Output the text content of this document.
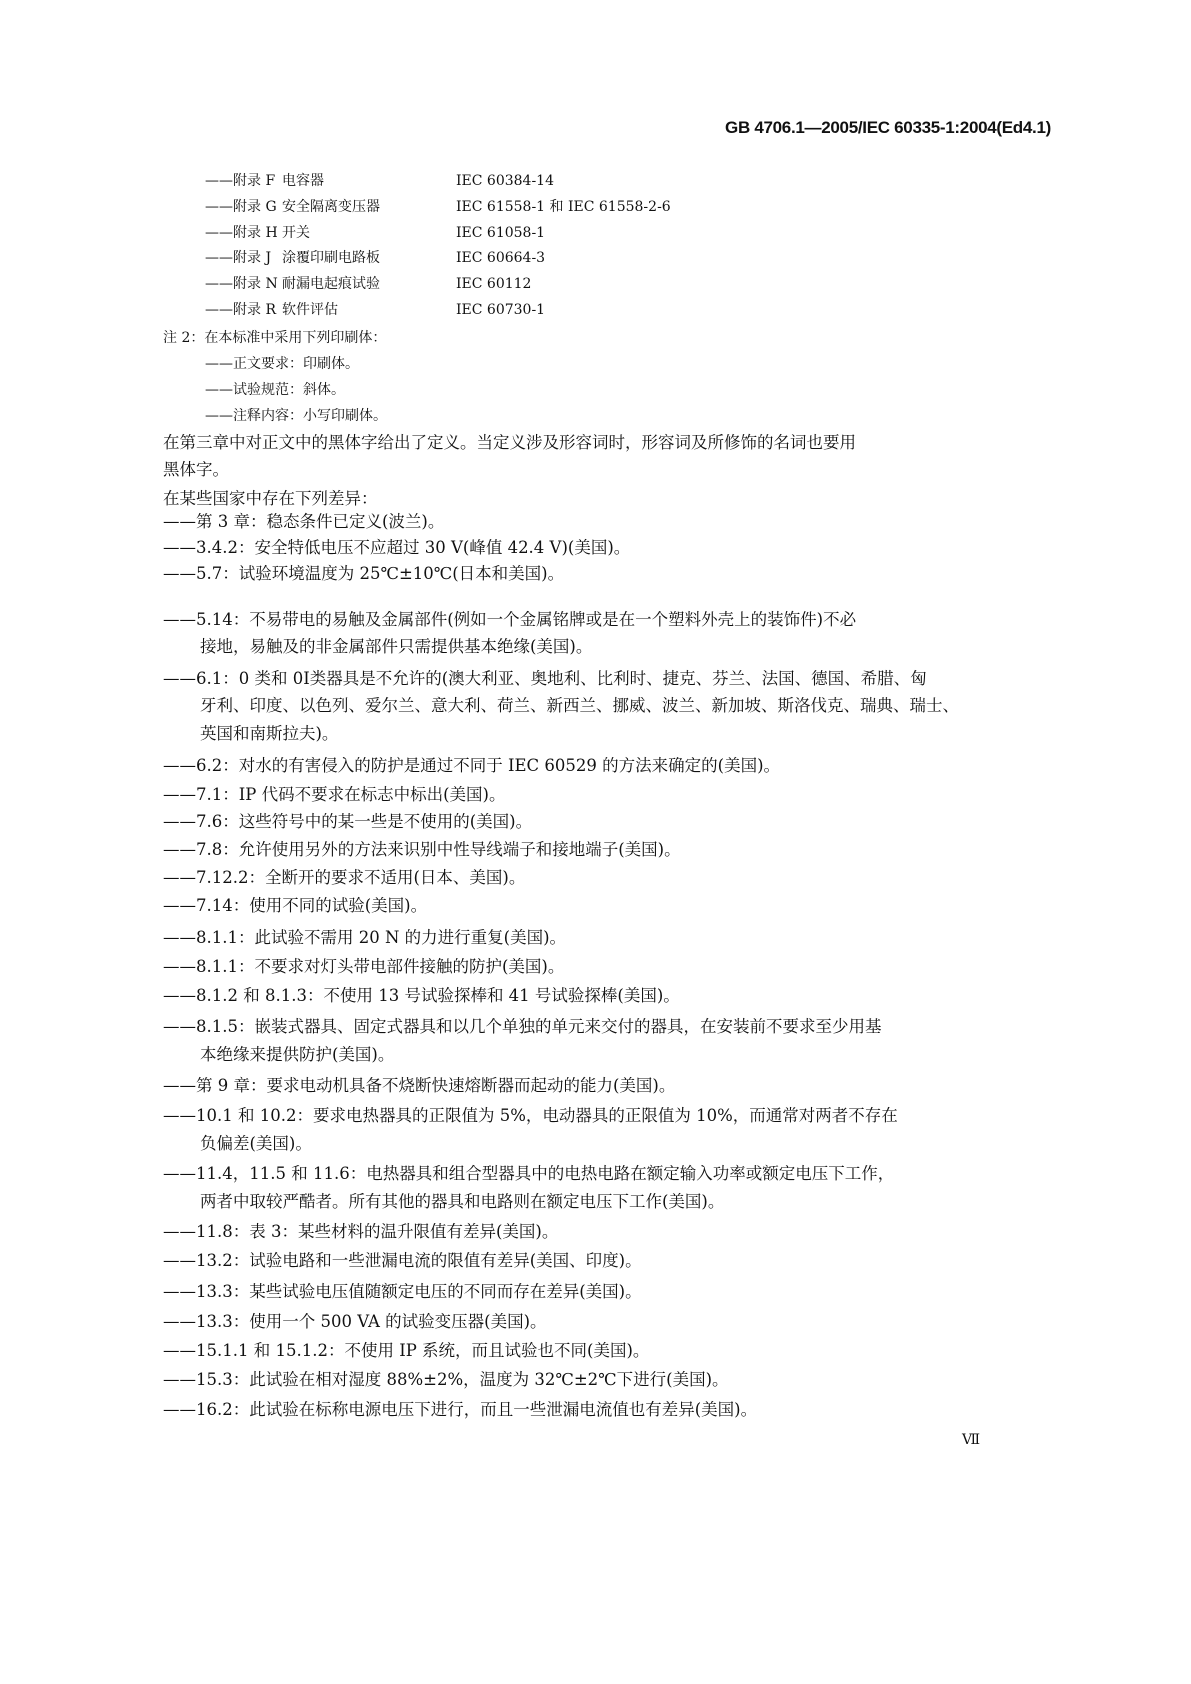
GB 4706.1—2005/IEC 60335-1:2004(Ed4.1)
——附录 F 电容器	IEC 60384-14
——附录 G 安全隔离变压器	IEC 61558-1 和 IEC 61558-2-6
——附录 H 开关	IEC 61058-1
——附录 J 涂覆印刷电路板	IEC 60664-3
——附录 N 耐漏电起痕试验	IEC 60112
——附录 R 软件评估	IEC 60730-1
注 2：在本标准中采用下列印刷体：
——正文要求：印刷体。
——试验规范：斜体。
——注释内容：小写印刷体。
在第三章中对正文中的黑体字给出了定义。当定义涉及形容词时，形容词及所修饰的名词也要用
黑体字。
在某些国家中存在下列差异：
——第 3 章：稳态条件已定义(波兰)。
——3.4.2：安全特低电压不应超过 30 V(峰值 42.4 V)(美国)。
——5.7：试验环境温度为 25℃±10℃(日本和美国)。
——5.14：不易带电的易触及金属部件(例如一个金属铭牌或是在一个塑料外壳上的装饰件)不必
接地，易触及的非金属部件只需提供基本绝缘(美国)。
——6.1：0 类和 0Ⅰ类器具是不允许的(澳大利亚、奥地利、比利时、捷克、芬兰、法国、德国、希腊、匈
牙利、印度、以色列、爱尔兰、意大利、荷兰、新西兰、挪威、波兰、新加坡、斯洛伐克、瑞典、瑞士、
英国和南斯拉夫)。
——6.2：对水的有害侵入的防护是通过不同于 IEC 60529 的方法来确定的(美国)。
——7.1：IP 代码不要求在标志中标出(美国)。
——7.6：这些符号中的某一些是不使用的(美国)。
——7.8：允许使用另外的方法来识别中性导线端子和接地端子(美国)。
——7.12.2：全断开的要求不适用(日本、美国)。
——7.14：使用不同的试验(美国)。
——8.1.1：此试验不需用 20 N 的力进行重复(美国)。
——8.1.1：不要求对灯头带电部件接触的防护(美国)。
——8.1.2 和 8.1.3：不使用 13 号试验探棒和 41 号试验探棒(美国)。
——8.1.5：嵌装式器具、固定式器具和以几个单独的单元来交付的器具，在安装前不要求至少用基
本绝缘来提供防护(美国)。
——第 9 章：要求电动机具备不烧断快速熔断器而起动的能力(美国)。
——10.1 和 10.2：要求电热器具的正限值为 5%，电动器具的正限值为 10%，而通常对两者不存在
负偏差(美国)。
——11.4，11.5 和 11.6：电热器具和组合型器具中的电热电路在额定输入功率或额定电压下工作，
两者中取较严酷者。所有其他的器具和电路则在额定电压下工作(美国)。
——11.8：表 3：某些材料的温升限值有差异(美国)。
——13.2：试验电路和一些泄漏电流的限值有差异(美国、印度)。
——13.3：某些试验电压值随额定电压的不同而存在差异(美国)。
——13.3：使用一个 500 VA 的试验变压器(美国)。
——15.1.1 和 15.1.2：不使用 IP 系统，而且试验也不同(美国)。
——15.3：此试验在相对湿度 88%±2%，温度为 32℃±2℃下进行(美国)。
——16.2：此试验在标称电源电压下进行，而且一些泄漏电流值也有差异(美国)。
Ⅶ
